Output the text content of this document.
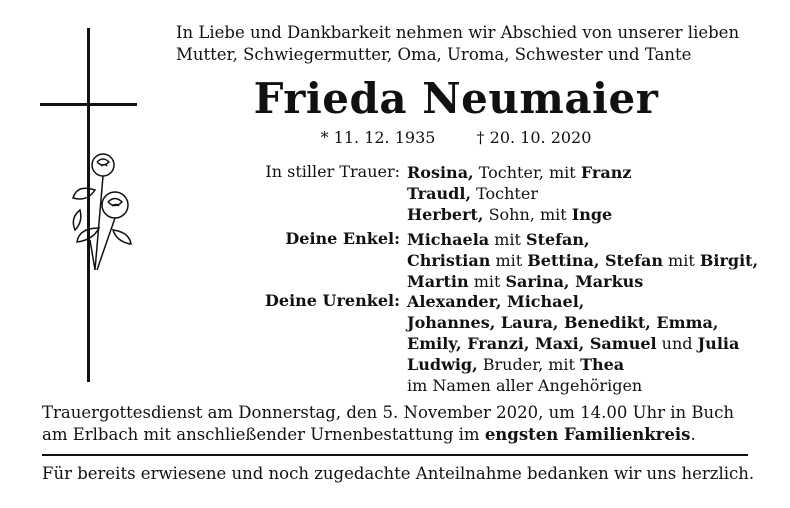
In Liebe und Dankbarkeit nehmen wir Abschied von unserer lieben
Mutter, Schwiegermutter, Oma, Uroma, Schwester und Tante
Frieda Neumaier
* 11. 12. 1935	† 20. 10. 2020
In stiller Trauer: Rosina, Tochter, mit Franz
Traudl, Tochter
Herbert, Sohn, mit Inge
Deine Enkel: Michaela mit Stefan,
Christian mit Bettina, Stefan mit Birgit,
Martin mit Sarina, Markus
Deine Urenkel: Alexander, Michael,
Johannes, Laura, Benedikt, Emma,
Emily, Franzi, Maxi, Samuel und Julia
Ludwig, Bruder, mit Thea
im Namen aller Angehörigen
Trauergottesdienst am Donnerstag, den 5. November 2020, um 14.00 Uhr in Buch
am Erlbach mit anschließender Urnenbestattung im engsten Familienkreis.
Für bereits erwiesene und noch zugedachte Anteilnahme bedanken wir uns herzlich.
